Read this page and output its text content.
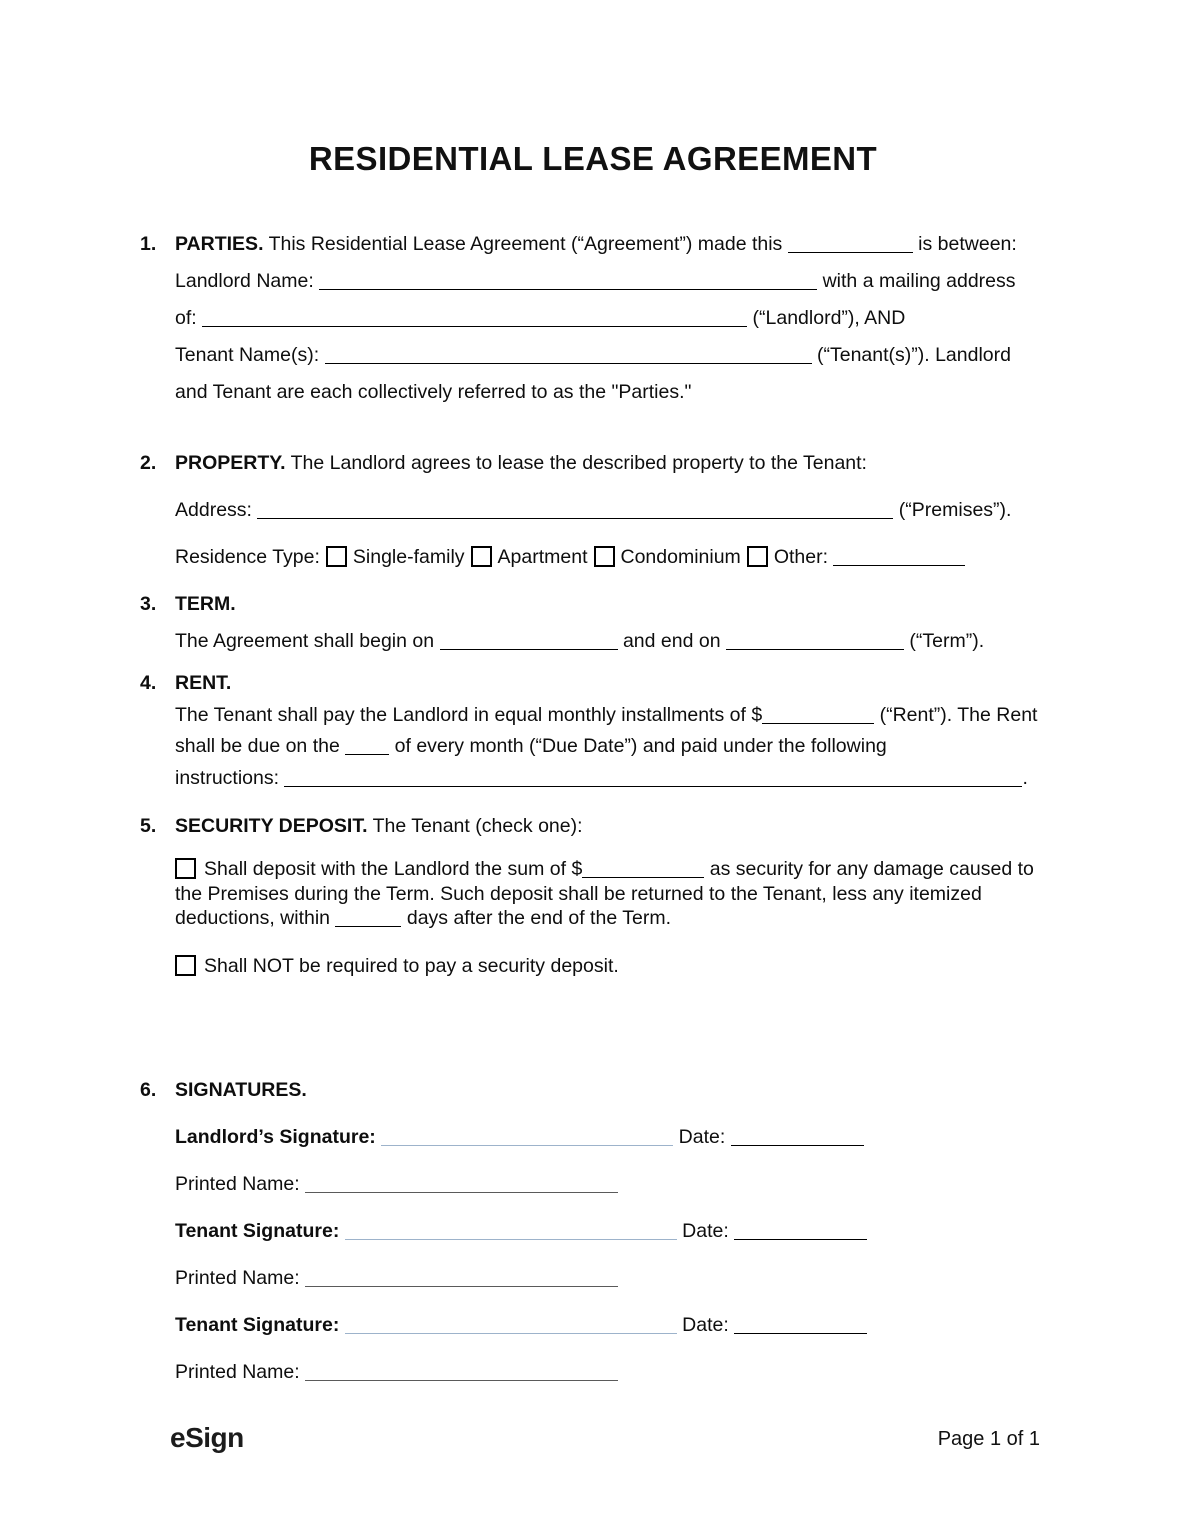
RESIDENTIAL LEASE AGREEMENT

1. PARTIES. This Residential Lease Agreement (“Agreement”) made this	is between:

Landlord Name:	with a mailing address

of:	(“Landlord”), AND

Tenant Name(s):	(“Tenant(s)”). Landlord

and Tenant are each collectively referred to as the "Parties."

2. PROPERTY. The Landlord agrees to lease the described property to the Tenant:

Address:	(“Premises”).

Residence Type: Single-family Apartment Condominium Other:

3. TERM.

The Agreement shall begin on	and end on	(“Term”).

4. RENT.

The Tenant shall pay the Landlord in equal monthly installments of $	(“Rent”). The Rent shall be due on the	of every month (“Due Date”) and paid under the following
instructions:	.

5. SECURITY DEPOSIT. The Tenant (check one):

Shall deposit with the Landlord the sum of $	as security for any damage caused to the Premises during the Term. Such deposit shall be returned to the Tenant, less any itemized deductions, within	days after the end of the Term.

Shall NOT be required to pay a security deposit.

6. SIGNATURES.

Landlord’s Signature:	Date:

Printed Name:

Tenant Signature:	Date:

Printed Name:

Tenant Signature:	Date:

Printed Name:

eSign	Page 1 of 1
